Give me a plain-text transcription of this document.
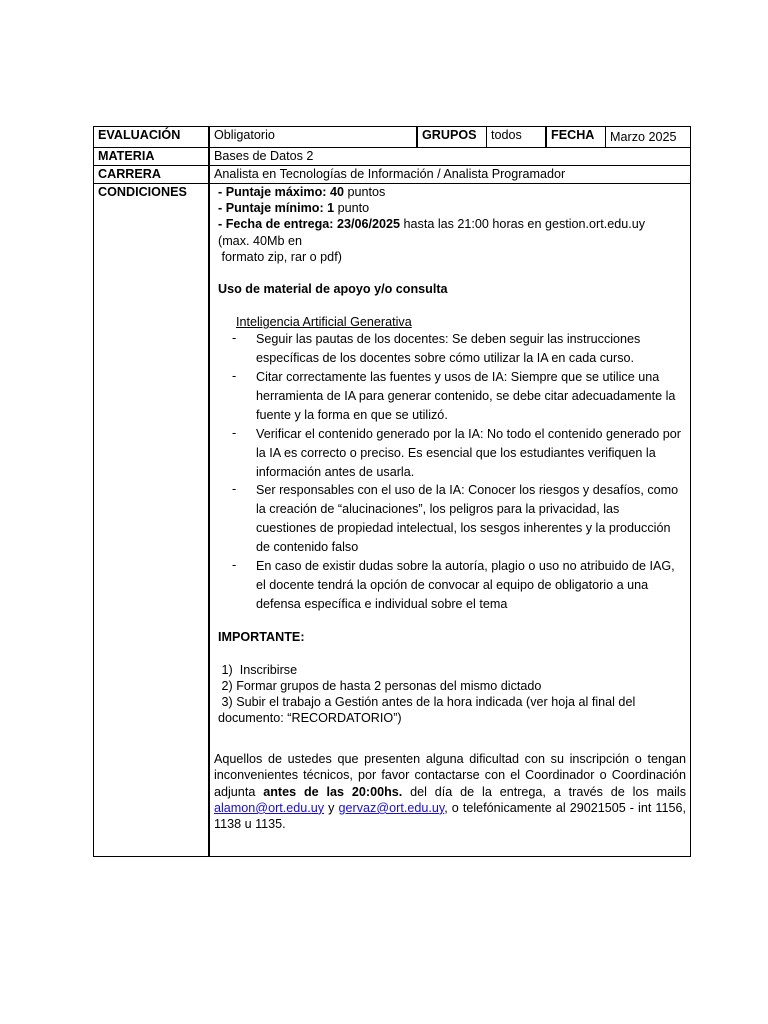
EVALUACIÓN	Obligatorio	GRUPOS	todos	FECHA	Marzo 2025
MATERIA	Bases de Datos 2
CARRERA	Analista en Tecnologías de Información / Analista Programador
CONDICIONES	- Puntaje máximo: 40 puntos
- Puntaje mínimo: 1 punto
- Fecha de entrega: 23/06/2025 hasta las 21:00 horas en gestion.ort.edu.uy
(max. 40Mb en
formato zip, rar o pdf)
Uso de material de apoyo y/o consulta
Inteligencia Artificial Generativa
- Seguir las pautas de los docentes: Se deben seguir las instrucciones específicas de los docentes sobre cómo utilizar la IA en cada curso.
- Citar correctamente las fuentes y usos de IA: Siempre que se utilice una herramienta de IA para generar contenido, se debe citar adecuadamente la fuente y la forma en que se utilizó.
- Verificar el contenido generado por la IA: No todo el contenido generado por la IA es correcto o preciso. Es esencial que los estudiantes verifiquen la información antes de usarla.
- Ser responsables con el uso de la IA: Conocer los riesgos y desafíos, como la creación de “alucinaciones”, los peligros para la privacidad, las cuestiones de propiedad intelectual, los sesgos inherentes y la producción de contenido falso
- En caso de existir dudas sobre la autoría, plagio o uso no atribuido de IAG, el docente tendrá la opción de convocar al equipo de obligatorio a una defensa específica e individual sobre el tema
IMPORTANTE:
1)  Inscribirse
2) Formar grupos de hasta 2 personas del mismo dictado
3) Subir el trabajo a Gestión antes de la hora indicada (ver hoja al final del documento: “RECORDATORIO”)
Aquellos de ustedes que presenten alguna dificultad con su inscripción o tengan inconvenientes técnicos, por favor contactarse con el Coordinador o Coordinación adjunta antes de las 20:00hs. del día de la entrega, a través de los mails alamon@ort.edu.uy y gervaz@ort.edu.uy, o telefónicamente al 29021505 - int 1156, 1138 u 1135.
